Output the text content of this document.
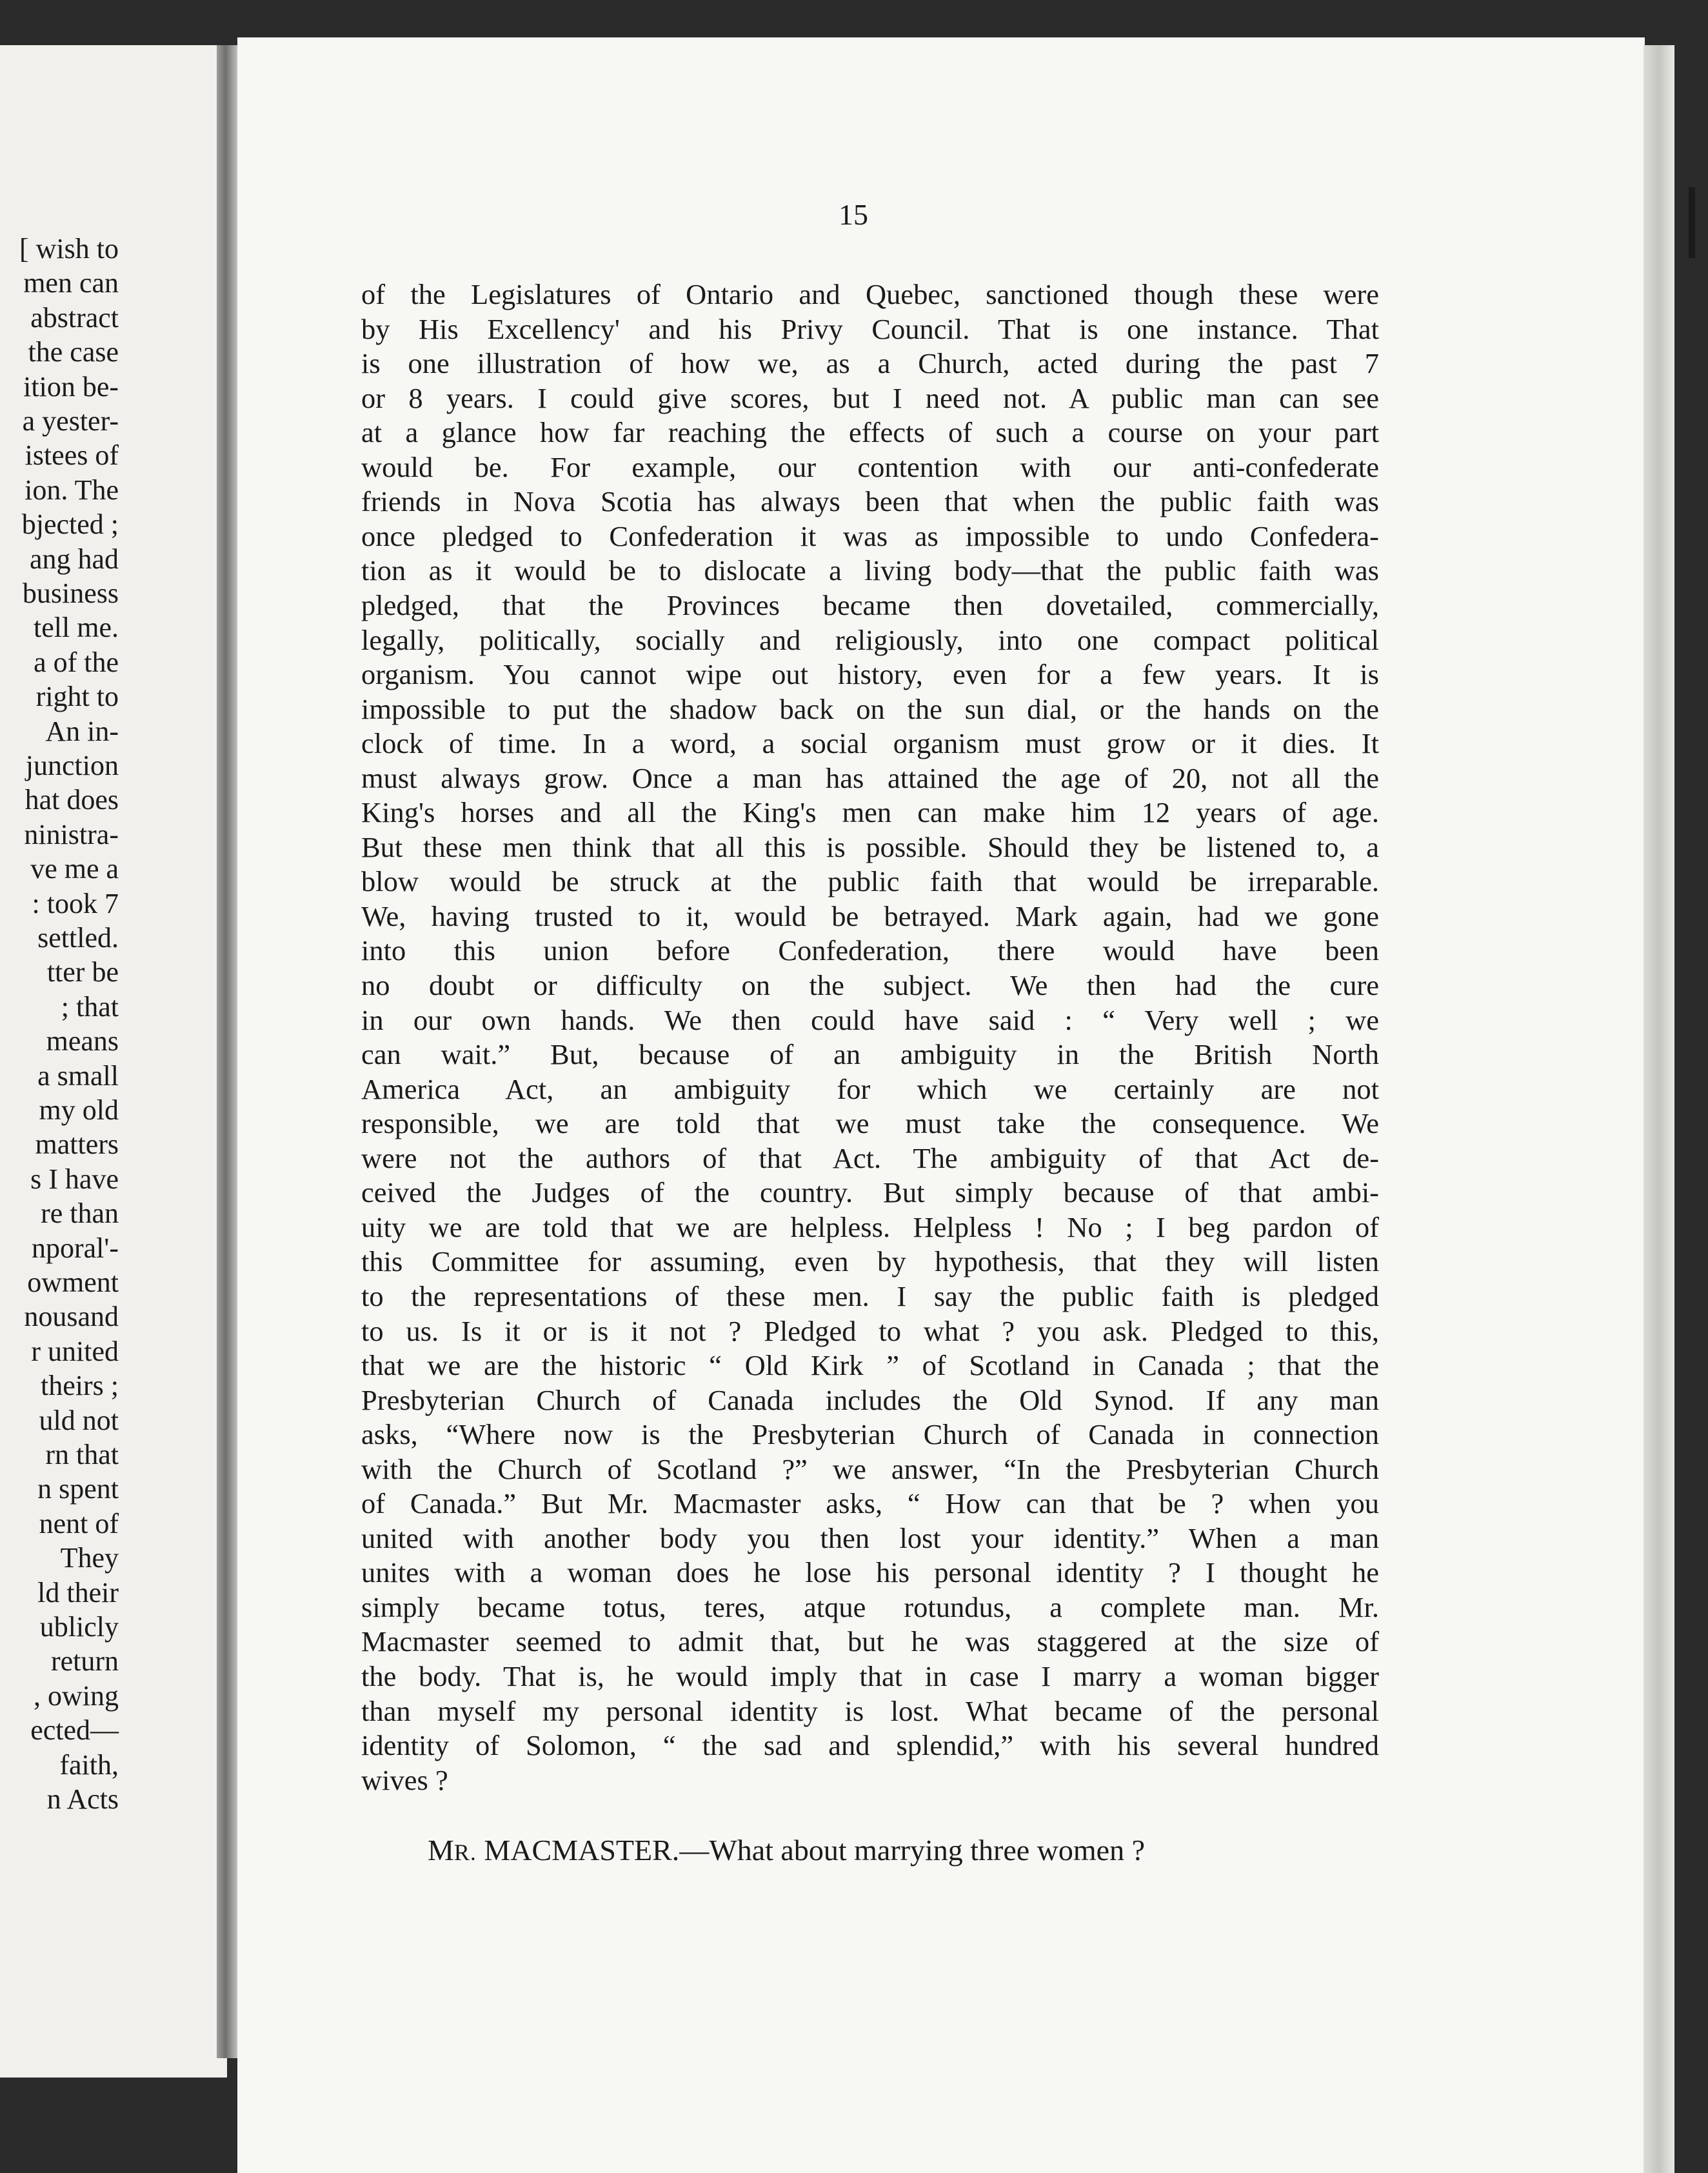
[ wish to
men can
abstract
the case
ition be-
a yester-
istees of
ion. The
bjected ;
ang had
business
tell me.
a of the
right to
An in-
junction
hat does
ninistra-
ve me a
: took 7
settled.
tter be
; that
means
a small
my old
matters
s I have
re than
nporal'-
owment
nousand
r united
theirs ;
uld not
rn that
n spent
nent of
They
ld their
ublicly
return
, owing
ected—
faith,
n Acts
15
of the Legislatures of Ontario and Quebec, sanctioned though these were
by His Excellency' and his Privy Council. That is one instance. That
is one illustration of how we, as a Church, acted during the past 7
or 8 years. I could give scores, but I need not. A public man can see
at a glance how far reaching the effects of such a course on your part
would be. For example, our contention with our anti-confederate
friends in Nova Scotia has always been that when the public faith was
once pledged to Confederation it was as impossible to undo Confedera-
tion as it would be to dislocate a living body—that the public faith was
pledged, that the Provinces became then dovetailed, commercially,
legally, politically, socially and religiously, into one compact political
organism. You cannot wipe out history, even for a few years. It is
impossible to put the shadow back on the sun dial, or the hands on the
clock of time. In a word, a social organism must grow or it dies. It
must always grow. Once a man has attained the age of 20, not all the
King's horses and all the King's men can make him 12 years of age.
But these men think that all this is possible. Should they be listened to, a
blow would be struck at the public faith that would be irreparable.
We, having trusted to it, would be betrayed. Mark again, had we gone
into this union before Confederation, there would have been
no doubt or difficulty on the subject. We then had the cure
in our own hands. We then could have said : “ Very well ; we
can wait.” But, because of an ambiguity in the British North
America Act, an ambiguity for which we certainly are not
responsible, we are told that we must take the consequence. We
were not the authors of that Act. The ambiguity of that Act de-
ceived the Judges of the country. But simply because of that ambi-
uity we are told that we are helpless. Helpless ! No ; I beg pardon of
this Committee for assuming, even by hypothesis, that they will listen
to the representations of these men. I say the public faith is pledged
to us. Is it or is it not ? Pledged to what ? you ask. Pledged to this,
that we are the historic “ Old Kirk ” of Scotland in Canada ; that the
Presbyterian Church of Canada includes the Old Synod. If any man
asks, “Where now is the Presbyterian Church of Canada in connection
with the Church of Scotland ?” we answer, “In the Presbyterian Church
of Canada.” But Mr. Macmaster asks, “ How can that be ? when you
united with another body you then lost your identity.” When a man
unites with a woman does he lose his personal identity ? I thought he
simply became totus, teres, atque rotundus, a complete man. Mr.
Macmaster seemed to admit that, but he was staggered at the size of
the body. That is, he would imply that in case I marry a woman bigger
than myself my personal identity is lost. What became of the personal
identity of Solomon, “ the sad and splendid,” with his several hundred
wives ?
MR. MACMASTER.—What about marrying three women ?
